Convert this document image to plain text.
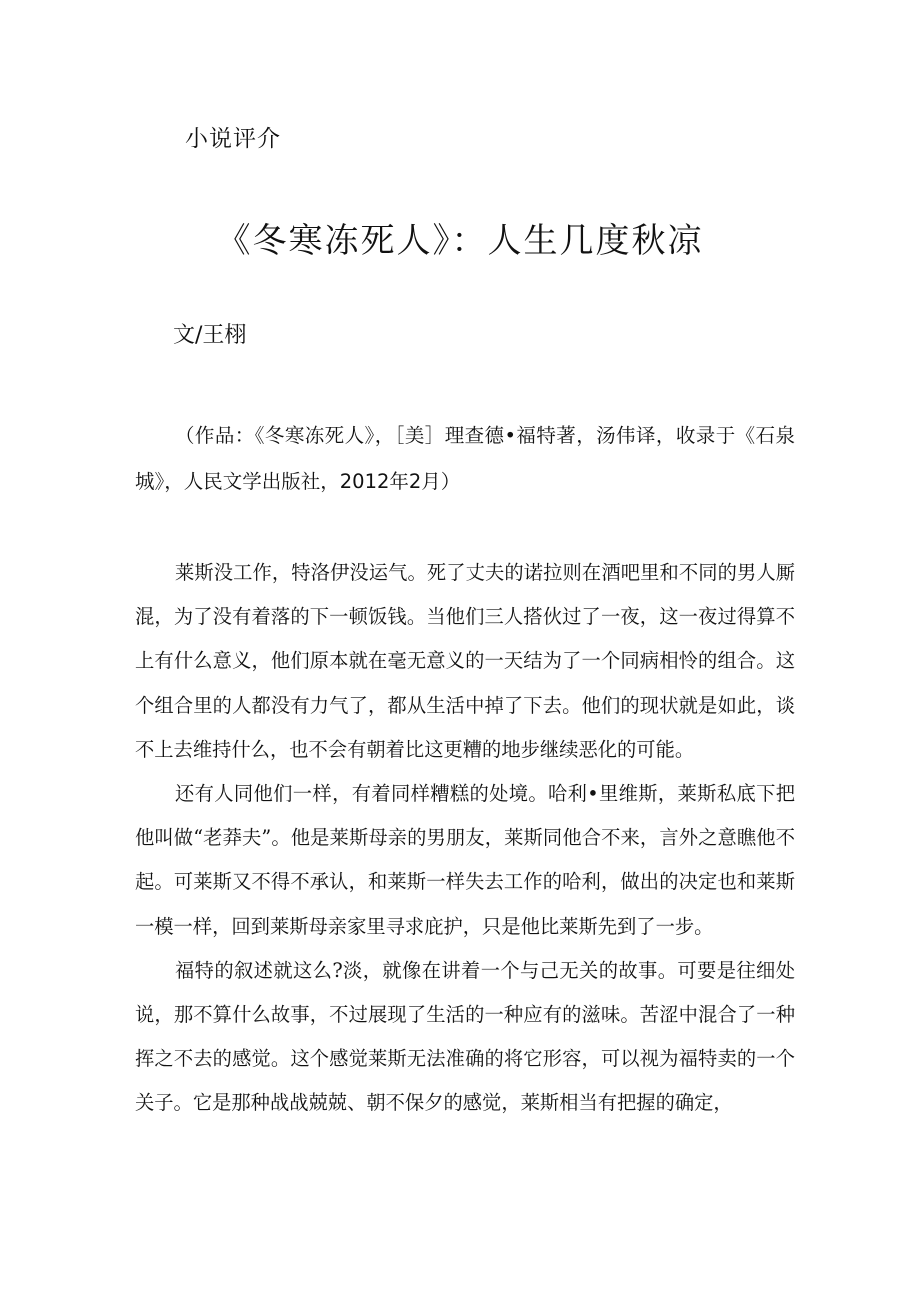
小说评介
《冬寒冻死人》：人生几度秋凉
文/王栩
（作品：《冬寒冻死人》，［美］理查德•福特著，汤伟译，收录于《石泉城》，人民文学出版社，2012年2月）

莱斯没工作，特洛伊没运气。死了丈夫的诺拉则在酒吧里和不同的男人厮混，为了没有着落的下一顿饭钱。当他们三人搭伙过了一夜，这一夜过得算不上有什么意义，他们原本就在毫无意义的一天结为了一个同病相怜的组合。这个组合里的人都没有力气了，都从生活中掉了下去。他们的现状就是如此，谈不上去维持什么，也不会有朝着比这更糟的地步继续恶化的可能。

还有人同他们一样，有着同样糟糕的处境。哈利•里维斯，莱斯私底下把他叫做“老莽夫”。他是莱斯母亲的男朋友，莱斯同他合不来，言外之意瞧他不起。可莱斯又不得不承认，和莱斯一样失去工作的哈利，做出的决定也和莱斯一模一样，回到莱斯母亲家里寻求庇护，只是他比莱斯先到了一步。

福特的叙述就这么?淡，就像在讲着一个与己无关的故事。可要是往细处说，那不算什么故事，不过展现了生活的一种应有的滋味。苦涩中混合了一种挥之不去的感觉。这个感觉莱斯无法准确的将它形容，可以视为福特卖的一个关子。它是那种战战兢兢、朝不保夕的感觉，莱斯相当有把握的确定，
